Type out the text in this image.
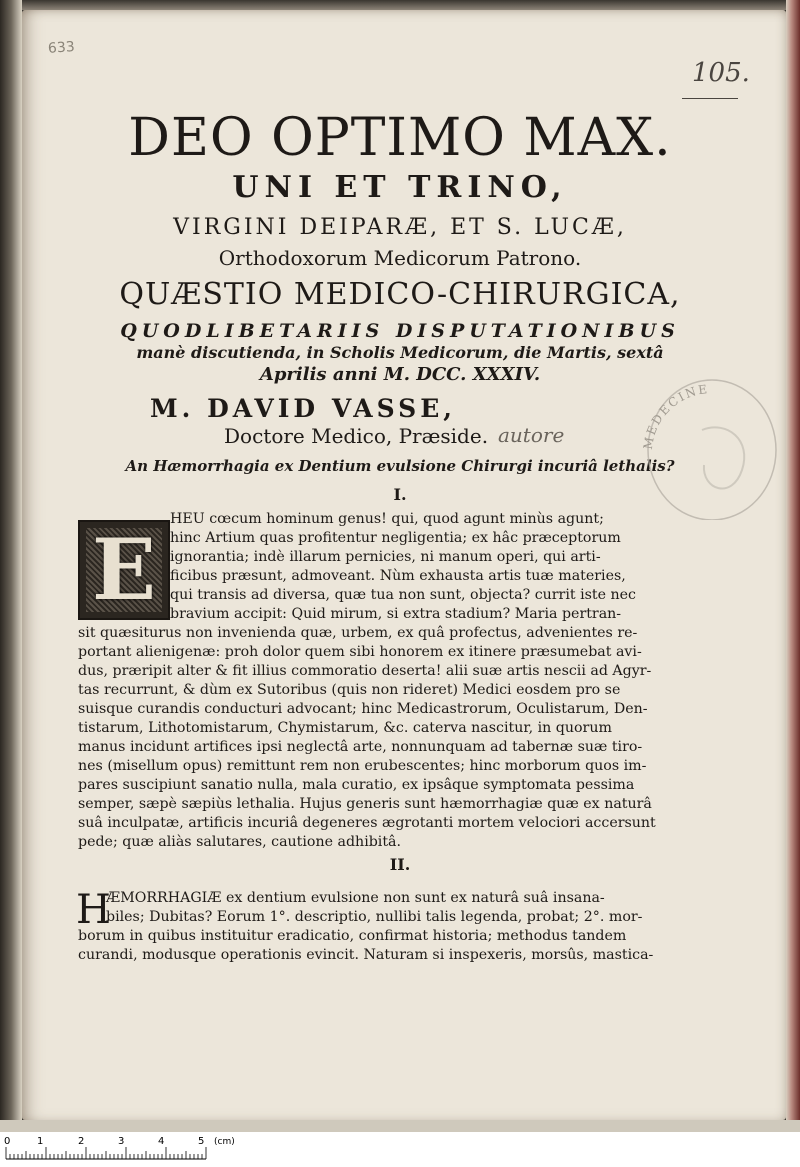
633
105.
DEO OPTIMO MAX.
UNI ET TRINO,
VIRGINI DEIPARÆ, ET S. LUCÆ,
Orthodoxorum Medicorum Patrono.
QUÆSTIO MEDICO-CHIRURGICA,
QUODLIBETARIIS DISPUTATIONIBUS
manè discutienda, in Scholis Medicorum, die Martis, sextâ
Aprilis anni M. DCC. XXXIV.
M. DAVID VASSE,
Doctore Medico, Præside. autore
An Hæmorrhagia ex Dentium evulsione Chirurgi incuriâ lethalis?
MEDECINE
I.
E
HEU cœcum hominum genus! qui, quod agunt minùs agunt;
hinc Artium quas profitentur negligentia; ex hâc præceptorum
ignorantia; indè illarum pernicies, ni manum operi, qui arti-
ficibus præsunt, admoveant. Nùm exhausta artis tuæ materies,
qui transis ad diversa, quæ tua non sunt, objecta? currit iste nec
bravium accipit: Quid mirum, si extra stadium? Maria pertran-
sit quæsiturus non invenienda quæ, urbem, ex quâ profectus, advenientes re-
portant alienigenæ: proh dolor quem sibi honorem ex itinere præsumebat avi-
dus, præripit alter & fit illius commoratio deserta! alii suæ artis nescii ad Agyr-
tas recurrunt, & dùm ex Sutoribus (quis non rideret) Medici eosdem pro se
suisque curandis conducturi advocant; hinc Medicastrorum, Oculistarum, Den-
tistarum, Lithotomistarum, Chymistarum, &c. caterva nascitur, in quorum
manus incidunt artifices ipsi neglectâ arte, nonnunquam ad tabernæ suæ tiro-
nes (misellum opus) remittunt rem non erubescentes; hinc morborum quos im-
pares suscipiunt sanatio nulla, mala curatio, ex ipsâque symptomata pessima
semper, sæpè sæpiùs lethalia. Hujus generis sunt hæmorrhagiæ quæ ex naturâ
suâ inculpatæ, artificis incuriâ degeneres ægrotanti mortem velociori accersunt
pede; quæ aliàs salutares, cautione adhibitâ.
II.
H
ÆMORRHAGIÆ ex dentium evulsione non sunt ex naturâ suâ insana-
biles; Dubitas? Eorum 1°. descriptio, nullibi talis legenda, probat; 2°. mor-
borum in quibus instituitur eradicatio, confirmat historia; methodus tandem
curandi, modusque operationis evincit. Naturam si inspexeris, morsûs, mastica-
0	1	2	3	4	5 (cm)
